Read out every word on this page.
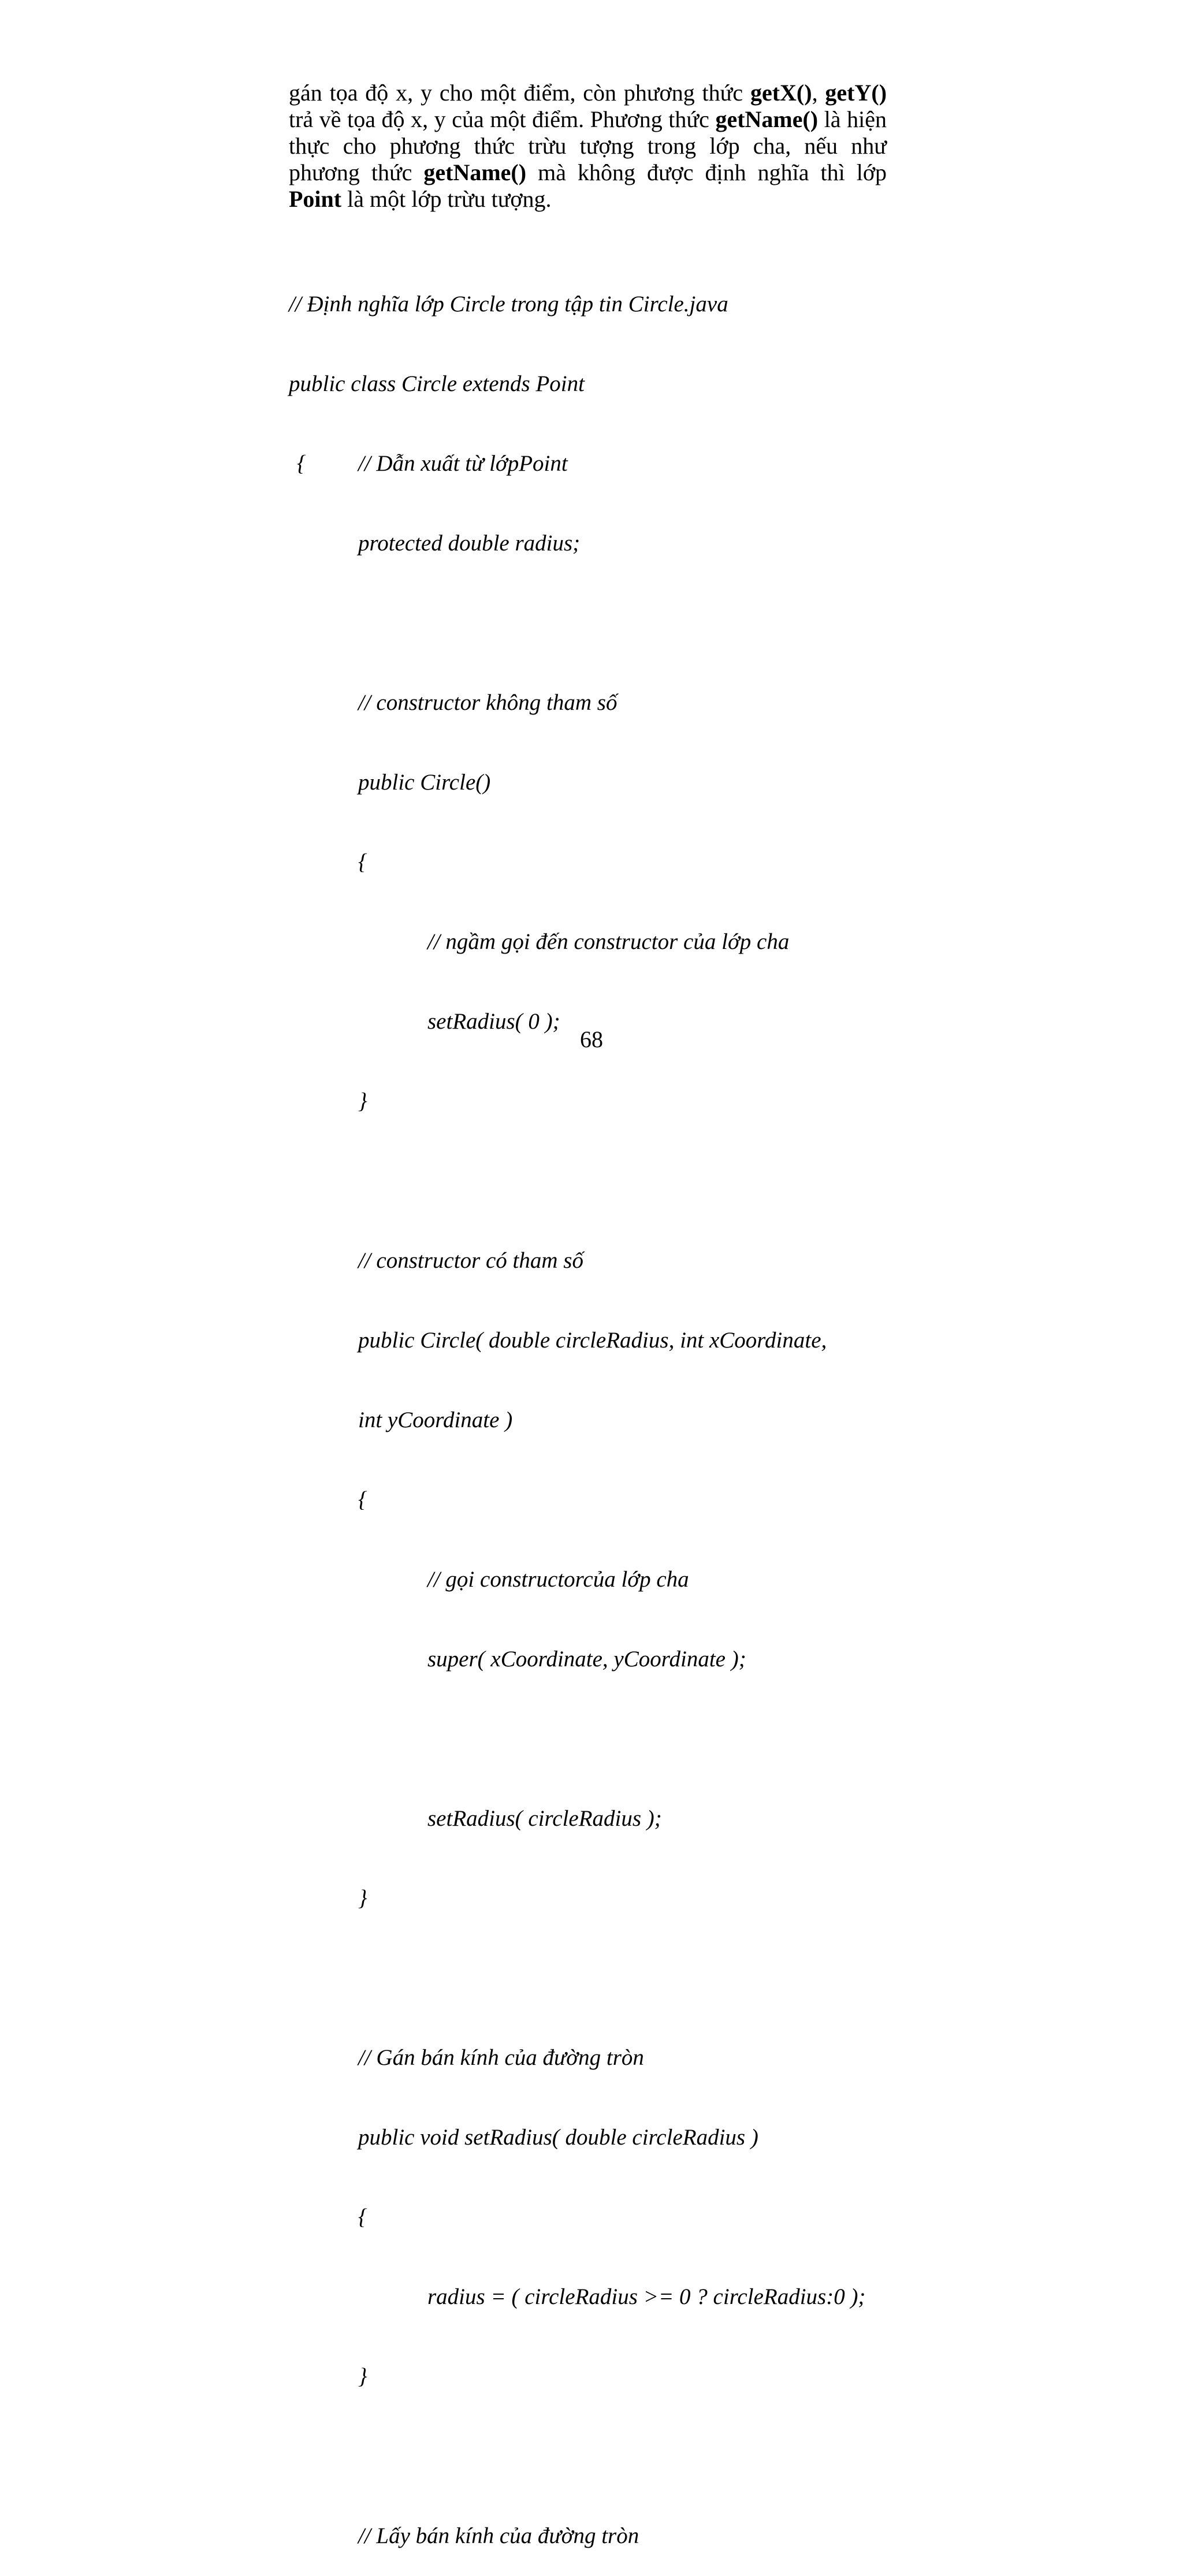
gán tọa độ x, y cho một điểm, còn phương thức getX(), getY() trả về tọa độ x, y của một điểm. Phương thức getName() là hiện thực cho phương thức trừu tượng trong lớp cha, nếu như phương thức getName() mà không được định nghĩa thì lớp Point là một lớp trừu tượng.

// Định nghĩa lớp Circle trong tập tin Circle.java

public class Circle extends Point

{ // Dẫn xuất từ lớpPoint

protected double radius;

// constructor không tham số

public Circle()

{

// ngầm gọi đến constructor của lớp cha

setRadius( 0 );

}

// constructor có tham số

public Circle( double circleRadius, int xCoordinate,

int yCoordinate )

{

// gọi constructorcủa lớp cha

super( xCoordinate, yCoordinate );

setRadius( circleRadius );

}

// Gán bán kính của đường tròn

public void setRadius( double circleRadius )

{

radius = ( circleRadius >= 0 ? circleRadius:0 );

}

// Lấy bán kính của đường tròn

68
